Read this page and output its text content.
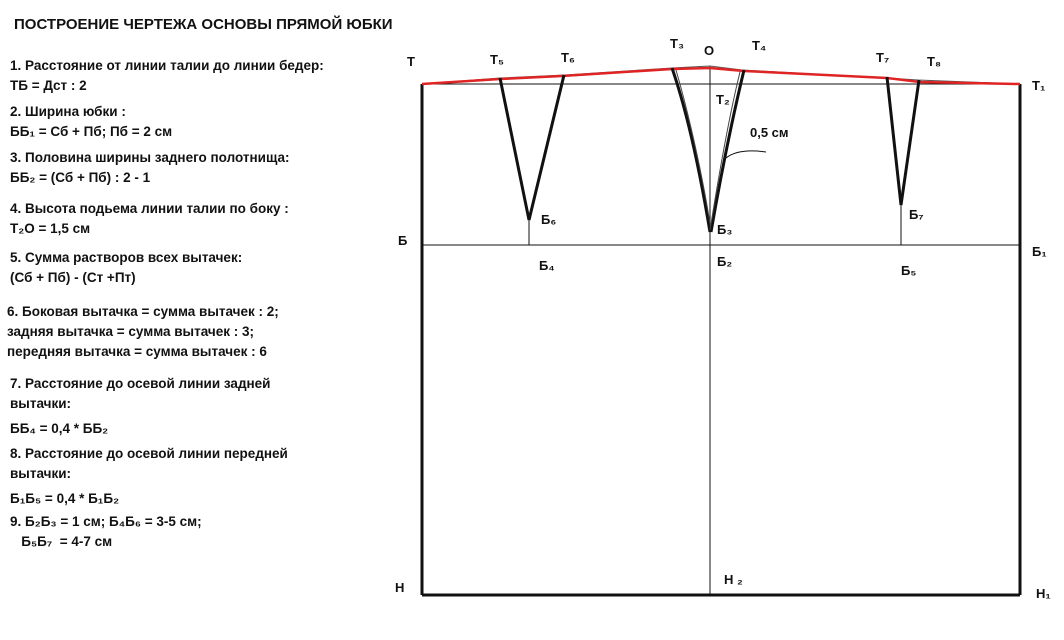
ПОСТРОЕНИЕ ЧЕРТЕЖА ОСНОВЫ ПРЯМОЙ ЮБКИ
1. Расстояние от линии талии до линии бедер:
ТБ = Дст : 2
2. Ширина юбки :
ББ₁ = Сб + Пб; Пб = 2 см
3. Половина ширины заднего полотнища:
ББ₂ = (Сб + Пб) : 2 - 1
4. Высота подьема линии талии по боку :
Т₂О = 1,5 см
5. Сумма растворов всех вытачек:
(Сб + Пб) - (Ст +Пт)
6. Боковая вытачка = сумма вытачек : 2;
задняя вытачка = сумма вытачек : 3;
передняя вытачка = сумма вытачек : 6
7. Расстояние до осевой линии задней
вытачки:
ББ₄ = 0,4 * ББ₂
8. Расстояние до осевой линии передней
вытачки:
Б₁Б₅ = 0,4 * Б₁Б₂
9. Б₂Б₃ = 1 см; Б₄Б₆ = 3-5 см;
Б₅Б₇  = 4-7 см
Т	Т₅	Т₆
Т₃ О	Т₄
Т₇	Т₈
Т₁
Т₂
0,5 см
Б₆
Б₃
Б₇
Б
Б₁
Б₄	Б₂
Б₅
Н
Н ₂
Н₁
